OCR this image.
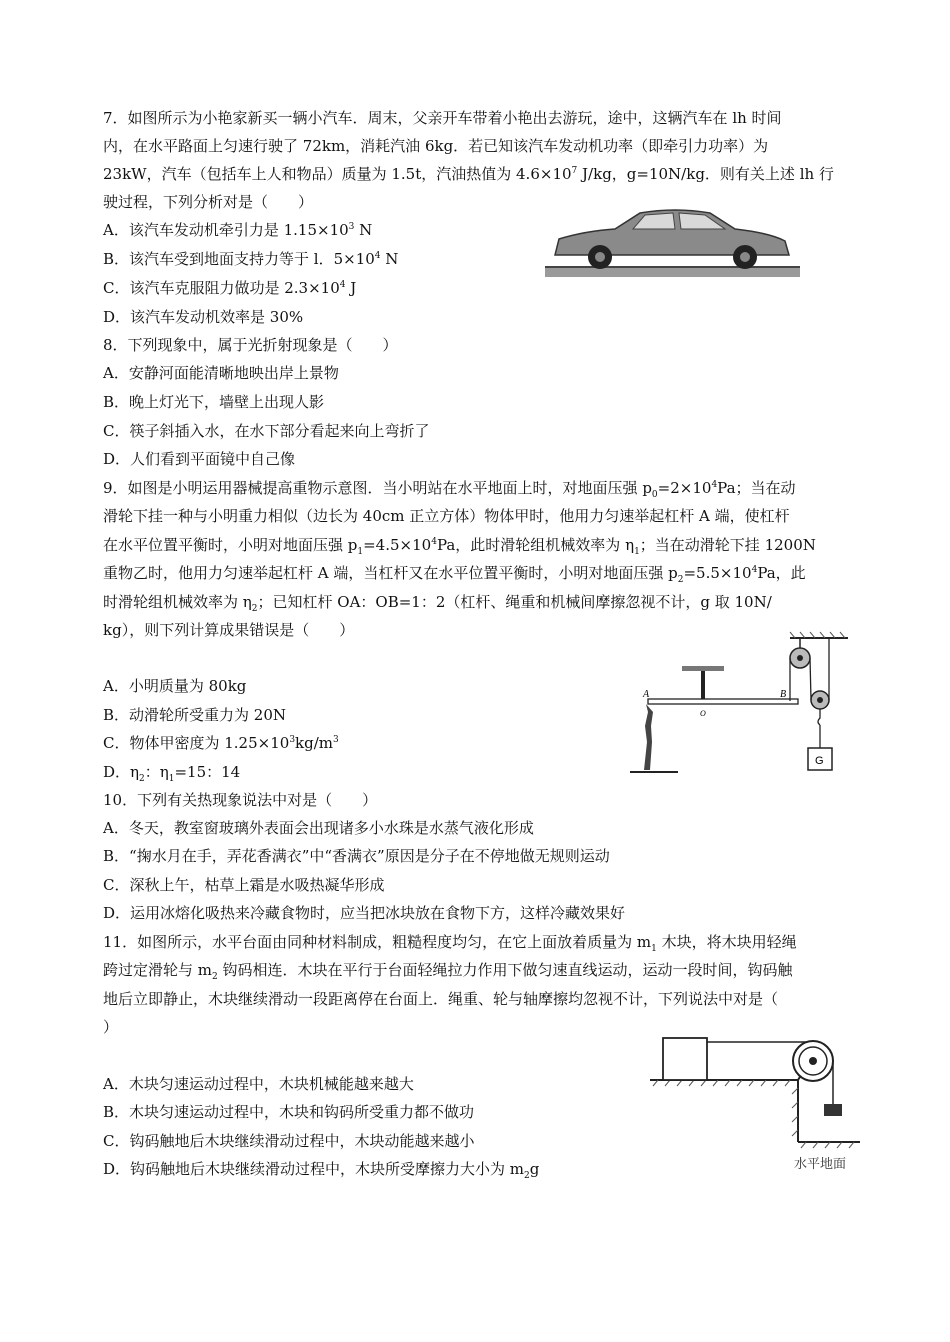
7．如图所示为小艳家新买一辆小汽车．周末，父亲开车带着小艳出去游玩，途中，这辆汽车在 lh 时间
内，在水平路面上匀速行驶了 72km，消耗汽油 6kg．若已知该汽车发动机功率（即牵引力功率）为
23kW，汽车（包括车上人和物品）质量为 1.5t，汽油热值为 $4.6\times 10^7$ J/kg，g=10N/kg．则有关上述 lh 行
驶过程，下列分析对是（　　）
A．该汽车发动机牵引力是 $1.15\times 10^3$ N
B．该汽车受到地面支持力等于 l．$5\times 10^4$ N
C．该汽车克服阻力做功是 $2.3\times 10^4$ J
D．该汽车发动机效率是 30%
8．下列现象中，属于光折射现象是（　　）
A．安静河面能清晰地映出岸上景物
B．晚上灯光下，墙壁上出现人影
C．筷子斜插入水，在水下部分看起来向上弯折了
D．人们看到平面镜中自己像
9．如图是小明运用器械提高重物示意图．当小明站在水平地面上时，对地面压强 $p_0=2\times 10^4Pa$；当在动
滑轮下挂一种与小明重力相似（边长为 40cm 正立方体）物体甲时，他用力匀速举起杠杆 A 端，使杠杆
在水平位置平衡时，小明对地面压强 $p_1=4.5\times 10^4Pa$，此时滑轮组机械效率为 $\eta_1$；当在动滑轮下挂 1200N
重物乙时，他用力匀速举起杠杆 A 端，当杠杆又在水平位置平衡时，小明对地面压强 $p_2=5.5\times 10^4Pa$，此
时滑轮组机械效率为 $\eta_2$；已知杠杆 OA：OB=1：2（杠杆、绳重和机械间摩擦忽视不计，g 取 10N/
kg），则下列计算成果错误是（　　）
A．小明质量为 80kg
B．动滑轮所受重力为 20N
C．物体甲密度为 $1.25\times 10^3kg/m^3$
D．$\eta_2$：$\eta_1=15$：14
A
O
B
G
10．下列有关热现象说法中对是（　　）
A．冬天，教室窗玻璃外表面会出现诸多小水珠是水蒸气液化形成
B．“掬水月在手，弄花香满衣”中“香满衣”原因是分子在不停地做无规则运动
C．深秋上午，枯草上霜是水吸热凝华形成
D．运用冰熔化吸热来冷藏食物时，应当把冰块放在食物下方，这样冷藏效果好
11．如图所示，水平台面由同种材料制成，粗糙程度均匀，在它上面放着质量为 $m_1$ 木块，将木块用轻绳
跨过定滑轮与 $m_2$ 钩码相连．木块在平行于台面轻绳拉力作用下做匀速直线运动，运动一段时间，钩码触
地后立即静止，木块继续滑动一段距离停在台面上．绳重、轮与轴摩擦均忽视不计，下列说法中对是（
）
A．木块匀速运动过程中，木块机械能越来越大
B．木块匀速运动过程中，木块和钩码所受重力都不做功
C．钩码触地后木块继续滑动过程中，木块动能越来越小
D．钩码触地后木块继续滑动过程中，木块所受摩擦力大小为 $m_2g$	水平地面
